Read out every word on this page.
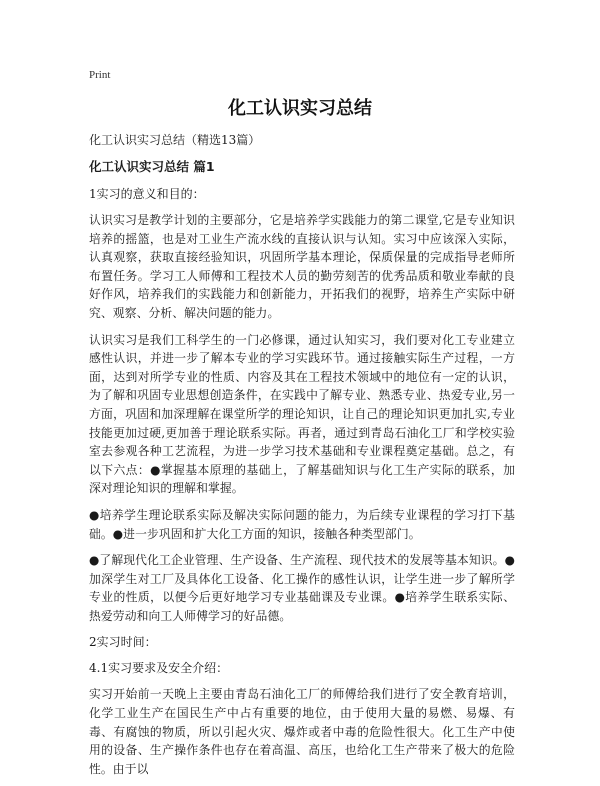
Print
化工认识实习总结
化工认识实习总结（精选13篇）
化工认识实习总结 篇1
1实习的意义和目的：

认识实习是教学计划的主要部分，它是培养学实践能力的第二课堂,它是专业知识培养的摇篮，也是对工业生产流水线的直接认识与认知。实习中应该深入实际，认真观察，获取直接经验知识，巩固所学基本理论，保质保量的完成指导老师所布置任务。学习工人师傅和工程技术人员的勤劳刻苦的优秀品质和敬业奉献的良好作风，培养我们的实践能力和创新能力，开拓我们的视野，培养生产实际中研究、观察、分析、解决问题的能力。

认识实习是我们工科学生的一门必修课，通过认知实习，我们要对化工专业建立感性认识，并进一步了解本专业的学习实践环节。通过接触实际生产过程，一方面，达到对所学专业的性质、内容及其在工程技术领域中的地位有一定的认识，为了解和巩固专业思想创造条件，在实践中了解专业、熟悉专业、热爱专业,另一方面，巩固和加深理解在课堂所学的理论知识，让自己的理论知识更加扎实,专业技能更加过硬,更加善于理论联系实际。再者，通过到青岛石油化工厂和学校实验室去参观各种工艺流程，为进一步学习技术基础和专业课程奠定基础。总之，有以下六点：●掌握基本原理的基础上，了解基础知识与化工生产实际的联系，加深对理论知识的理解和掌握。

●培养学生理论联系实际及解决实际问题的能力，为后续专业课程的学习打下基础。●进一步巩固和扩大化工方面的知识，接触各种类型部门。

●了解现代化工企业管理、生产设备、生产流程、现代技术的发展等基本知识。●加深学生对工厂及具体化工设备、化工操作的感性认识，让学生进一步了解所学专业的性质，以便今后更好地学习专业基础课及专业课。●培养学生联系实际、热爱劳动和向工人师傅学习的好品德。

2实习时间：
4.1实习要求及安全介绍：

实习开始前一天晚上主要由青岛石油化工厂的师傅给我们进行了安全教育培训，化学工业生产在国民生产中占有重要的地位，由于使用大量的易燃、易爆、有毒、有腐蚀的物质，所以引起火灾、爆炸或者中毒的危险性很大。化工生产中使用的设备、生产操作条件也存在着高温、高压，也给化工生产带来了极大的危险性。由于以
